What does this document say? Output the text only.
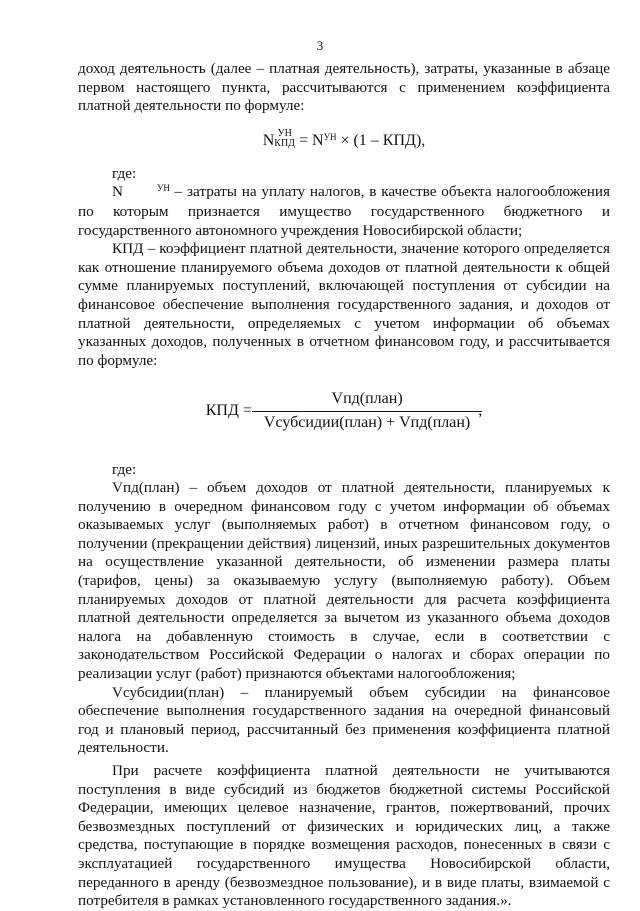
3

доход деятельность (далее – платная деятельность), затраты, указанные в абзаце первом настоящего пункта, рассчитываются с применением коэффициента платной деятельности по формуле:

N УН
КПД = NУН × (1 – КПД),

где:

N	УН – затраты на уплату налогов, в качестве объекта налогообложения по которым признается имущество государственного бюджетного и государственного автономного учреждения Новосибирской области;

КПД – коэффициент платной деятельности, значение которого определяется как отношение планируемого объема доходов от платной деятельности к общей сумме планируемых поступлений, включающей поступления от субсидии на финансовое обеспечение выполнения государственного задания, и доходов от платной деятельности, определяемых с учетом информации об объемах указанных доходов, полученных в отчетном финансовом году, и рассчитывается по формуле:

КПД = $\frac{\text{Vпд(план)}}{\text{Vсубсидии(план) + Vпд(план)}}$ ,

где:

Vпд(план) – объем доходов от платной деятельности, планируемых к получению в очередном финансовом году с учетом информации об объемах оказываемых услуг (выполняемых работ) в отчетном финансовом году, о получении (прекращении действия) лицензий, иных разрешительных документов на осуществление указанной деятельности, об изменении размера платы (тарифов, цены) за оказываемую услугу (выполняемую работу). Объем планируемых доходов от платной деятельности для расчета коэффициента платной деятельности определяется за вычетом из указанного объема доходов налога на добавленную стоимость в случае, если в соответствии с законодательством Российской Федерации о налогах и сборах операции по реализации услуг (работ) признаются объектами налогообложения;

Vсубсидии(план) – планируемый объем субсидии на финансовое обеспечение выполнения государственного задания на очередной финансовый год и плановый период, рассчитанный без применения коэффициента платной деятельности.

При расчете коэффициента платной деятельности не учитываются поступления в виде субсидий из бюджетов бюджетной системы Российской Федерации, имеющих целевое назначение, грантов, пожертвований, прочих безвозмездных поступлений от физических и юридических лиц, а также средства, поступающие в порядке возмещения расходов, понесенных в связи с эксплуатацией государственного имущества Новосибирской области, переданного в аренду (безвозмездное пользование), и в виде платы, взимаемой с потребителя в рамках установленного государственного задания.».
